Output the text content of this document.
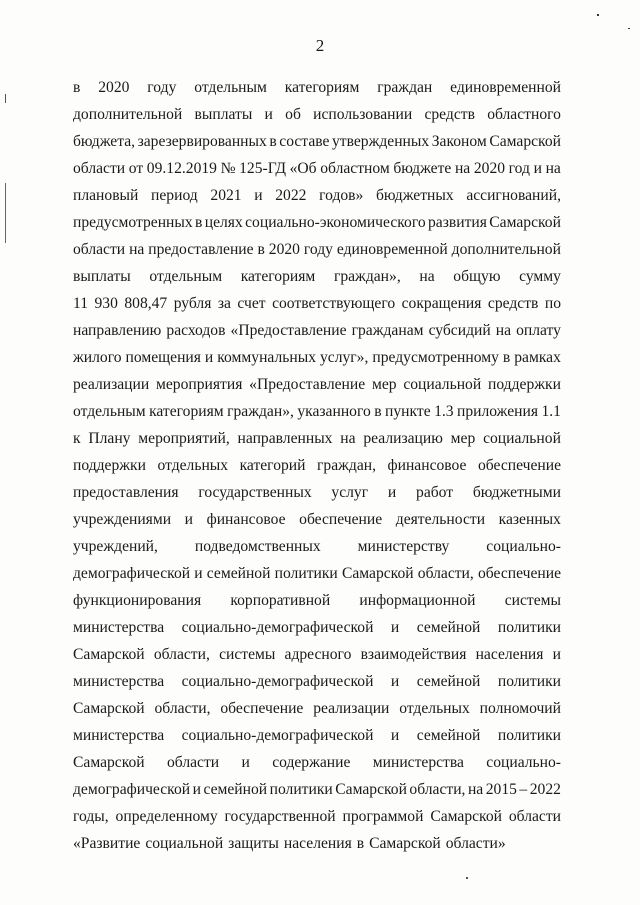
2
в 2020 году отдельным категориям граждан единовременной
дополнительной выплаты и об использовании средств областного
бюджета, зарезервированных в составе утвержденных Законом Самарской
области от 09.12.2019 № 125-ГД «Об областном бюджете на 2020 год и на
плановый период 2021 и 2022 годов» бюджетных ассигнований,
предусмотренных в целях социально-экономического развития Самарской
области на предоставление в 2020 году единовременной дополнительной
выплаты отдельным категориям граждан», на общую сумму
11 930 808,47 рубля за счет соответствующего сокращения средств по
направлению расходов «Предоставление гражданам субсидий на оплату
жилого помещения и коммунальных услуг», предусмотренному в рамках
реализации мероприятия «Предоставление мер социальной поддержки
отдельным категориям граждан», указанного в пункте 1.3 приложения 1.1
к Плану мероприятий, направленных на реализацию мер социальной
поддержки отдельных категорий граждан, финансовое обеспечение
предоставления государственных услуг и работ бюджетными
учреждениями и финансовое обеспечение деятельности казенных
учреждений, подведомственных министерству социально-
демографической и семейной политики Самарской области, обеспечение
функционирования корпоративной информационной системы
министерства социально-демографической и семейной политики
Самарской области, системы адресного взаимодействия населения и
министерства социально-демографической и семейной политики
Самарской области, обеспечение реализации отдельных полномочий
министерства социально-демографической и семейной политики
Самарской области и содержание министерства социально-
демографической и семейной политики Самарской области, на 2015 – 2022
годы, определенному государственной программой Самарской области
«Развитие социальной защиты населения в Самарской области»
